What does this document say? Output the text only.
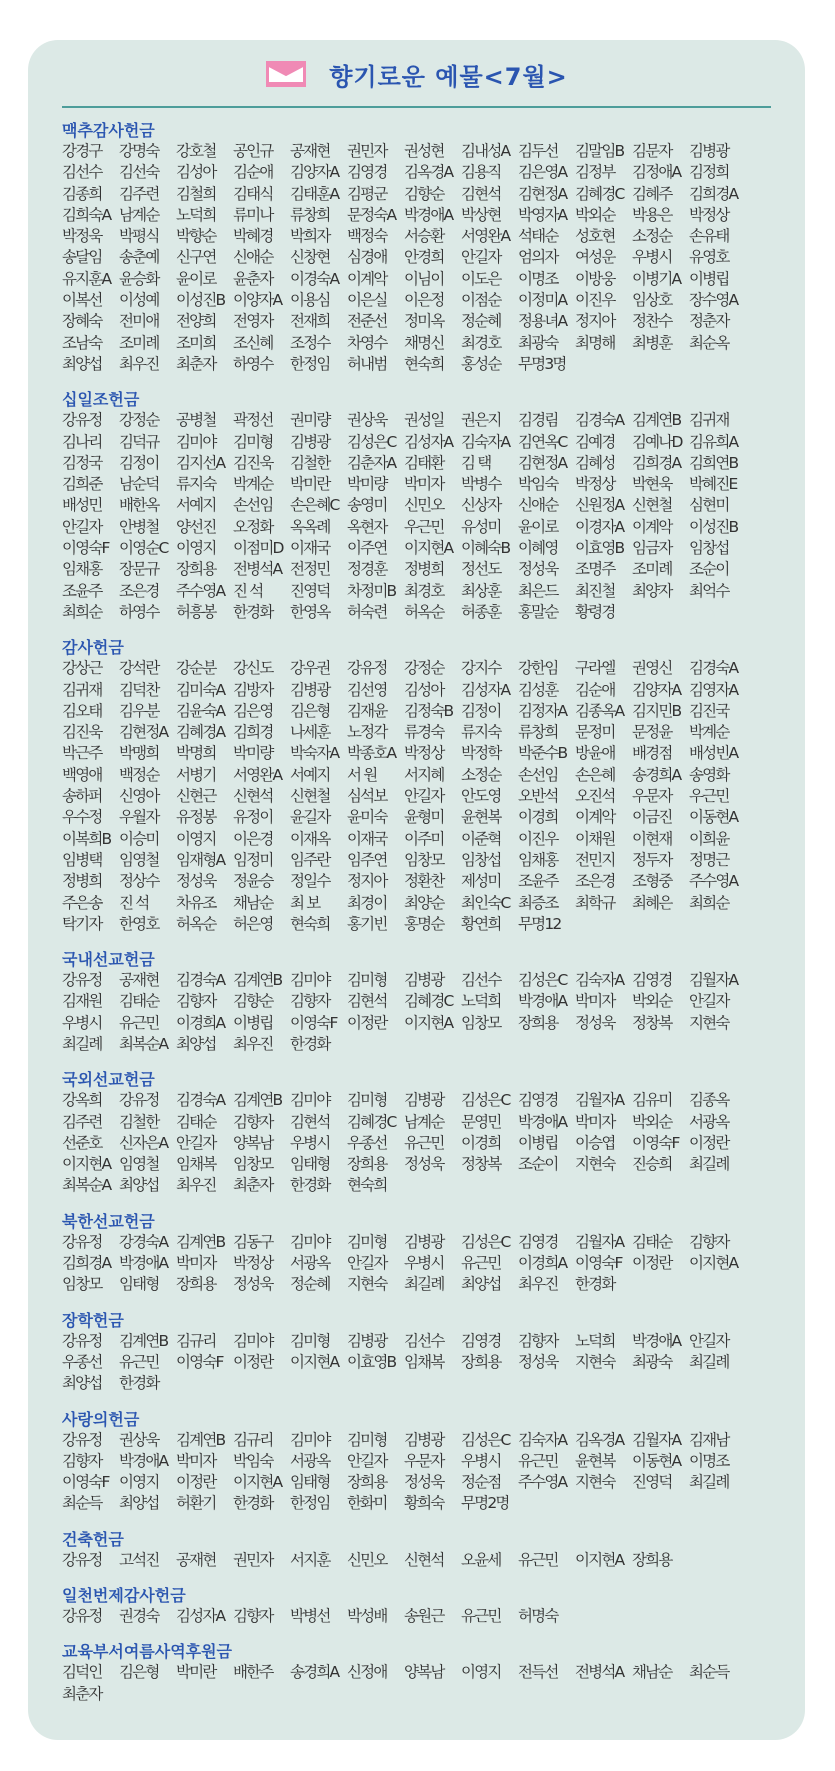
향기로운 예물<7월>
맥추감사헌금
강경구	강명숙	강호철	공인규	공재현	권민자	권성현	김내성A 김두선	김말임B 김문자	김병광
김선수	김선숙	김성아	김순애	김양자A 김영경	김옥경A 김용직	김은영A 김정부	김정애A 김정희
김종희	김주련	김철희	김태식	김태훈A 김평군	김향순	김현석	김현정A 김혜경C 김혜주	김희경A
김희숙A 남계순	노덕희	류미나	류창희	문정숙A 박경애A 박상현	박영자A 박외순	박용은	박정상
박정욱	박평식	박향순	박혜경	박희자	백정숙	서승환	서영완A 석태순	성호현	소정순	손유태
송달임	송춘예	신구연	신애순	신창현	심경애	안경희	안길자	엄의자	여성운	우병시	유영호
유지훈A 윤승화	윤이로	윤춘자	이경숙A 이계악	이님이	이도은	이명조	이방웅	이병기A 이병립
이복선	이성예	이성진B 이양자A 이용심	이은실	이은정	이점순	이정미A 이진우	임상호	장수영A
장혜숙	전미애	전양희	전영자	전재희	전준선	정미옥	정순혜	정용녀A 정지아	정찬수	정춘자
조남숙	조미례	조미희	조신혜	조정수	차영수	채명신	최경호	최광숙	최명해	최병훈	최순옥
최양섭	최우진	최춘자	하영수	한정임	허내범	현숙희	홍성순	무명3명
십일조헌금
강유정	강정순	공병철	곽정선	권미량	권상욱	권성일	권은지	김경림	김경숙A 김계연B 김귀재
김나리	김덕규	김미야	김미형	김병광	김성은C 김성자A 김숙자A 김연옥C 김예경	김예나D 김유희A
김정국	김정이	김지선A 김진욱	김철한	김춘자A 김태환	김 택	김현정A 김혜성	김희경A 김희연B
김희준	남순덕	류지숙	박계순	박미란	박미량	박미자	박병수	박임숙	박정상	박현욱	박혜진E
배성민	배한옥	서예지	손선임	손은혜C 송영미	신민오	신상자	신애순	신원정A 신현철	심현미
안길자	안병철	양선진	오정화	옥옥례	옥현자	우근민	유성미	윤이로	이경자A 이계악	이성진B
이영숙F 이영순C 이영지	이점미D 이재국	이주연	이지현A 이혜숙B 이혜영	이효영B 임금자	임창섭
임채홍	장문규	장희용	전병석A 전정민	정경훈	정병희	정선도	정성욱	조명주	조미례	조순이
조윤주	조은경	주수영A 진 석	진영덕	차정미B 최경호	최상훈	최은드	최진철	최양자	최억수
최희순	하영수	허흥봉	한경화	한영옥	허숙련	허옥순	허종훈	홍말순	황령경
감사헌금
강상근	강석란	강순분	강신도	강우권	강유정	강정순	강지수	강한임	구라엘	권영신	김경숙A
김귀재	김덕찬	김미숙A 김방자	김병광	김선영	김성아	김성자A 김성훈	김순애	김양자A 김영자A
김오태	김우분	김윤숙A 김은영	김은형	김재윤	김정숙B 김정이	김정자A 김종옥A 김지민B 김진국
김진욱	김현정A 김혜경A 김희경	나세훈	노정각	류경숙	류지숙	류창희	문정미	문정윤	박계순
박근주	박맹희	박명희	박미량	박숙자A 박종호A 박정상	박정학	박준수B 방윤애	배경점	배성빈A
백영애	백정순	서병기	서영완A 서예지	서 원	서지혜	소정순	손선임	손은혜	송경희A 송영화
송하퍼	신영아	신현근	신현석	신현철	심석보	안길자	안도영	오반석	오진석	우문자	우근민
우수정	우월자	유정봉	유정이	윤길자	윤미숙	윤형미	윤현복	이경희	이계악	이금진	이동현A
이복희B 이승미	이영지	이은경	이재옥	이재국	이주미	이준혁	이진우	이채원	이현재	이희윤
임병택	임영철	임재형A 임정미	임주란	임주연	임창모	임창섭	임채홍	전민지	정두자	정명근
정병희	정상수	정성욱	정윤승	정일수	정지아	정환찬	제성미	조윤주	조은경	조형중	주수영A
주은송	진 석	차유조	채남순	최 보	최경이	최양순	최인숙C 최증조	최학규	최혜은	최희순
탁기자	한영호	허옥순	허은영	현숙희	홍기빈	홍명순	황연희	무명12
국내선교헌금
강유정	공재현	김경숙A 김계연B 김미야	김미형	김병광	김선수	김성은C 김숙자A 김영경	김월자A
김재원	김태순	김향자	김향순	김향자	김현석	김혜경C 노덕희	박경애A 박미자	박외순	안길자
우병시	유근민	이경희A 이병립	이영숙F 이정란	이지현A 임창모	장희용	정성욱	정창복	지현숙
최길례	최복순A 최양섭	최우진	한경화
국외선교헌금
강옥희	강유정	김경숙A 김계연B 김미야	김미형	김병광	김성은C 김영경	김월자A 김유미	김종옥
김주련	김철한	김태순	김향자	김현석	김혜경C 남계순	문영민	박경애A 박미자	박외순	서광옥
선준호	신자은A 안길자	양복남	우병시	우종선	유근민	이경희	이병립	이승엽	이영숙F 이정란
이지현A 임영철	임채복	임창모	임태형	장희용	정성욱	정창복	조순이	지현숙	진승희	최길례
최복순A 최양섭	최우진	최춘자	한경화	현숙희
북한선교헌금
강유정	강경숙A 김계연B 김동구	김미야	김미형	김병광	김성은C 김영경	김월자A 김태순	김향자
김희경A 박경애A 박미자	박정상	서광옥	안길자	우병시	유근민	이경희A 이영숙F 이정란	이지현A
임창모	임태형	장희용	정성욱	정순혜	지현숙	최길례	최양섭	최우진	한경화
장학헌금
강유정	김계연B 김규리	김미야	김미형	김병광	김선수	김영경	김향자	노덕희	박경애A 안길자
우종선	유근민	이영숙F 이정란	이지현A 이효영B 임채복	장희용	정성욱	지현숙	최광숙	최길례
최양섭	한경화
사랑의헌금
강유정	권상욱	김계연B 김규리	김미야	김미형	김병광	김성은C 김숙자A 김옥경A 김월자A 김재남
김향자	박경애A 박미자	박임숙	서광옥	안길자	우문자	우병시	유근민	윤현복	이동현A 이명조
이영숙F 이영지	이정란	이지현A 임태형	장희용	정성욱	정순점	주수영A 지현숙	진영덕	최길례
최순득	최양섭	허환기	한경화	한정임	한화미	황희숙	무명2명
건축헌금
강유정	고석진	공재현	권민자	서지훈	신민오	신현석	오윤세	유근민	이지현A 장희용
일천번제감사헌금
강유정	권경숙	김성자A 김향자	박병선	박성배	송원근	유근민	허명숙
교육부서여름사역후원금
김덕인	김은형	박미란	배한주	송경희A 신정애	양복남	이영지	전득선	전병석A 채남순	최순득
최춘자
